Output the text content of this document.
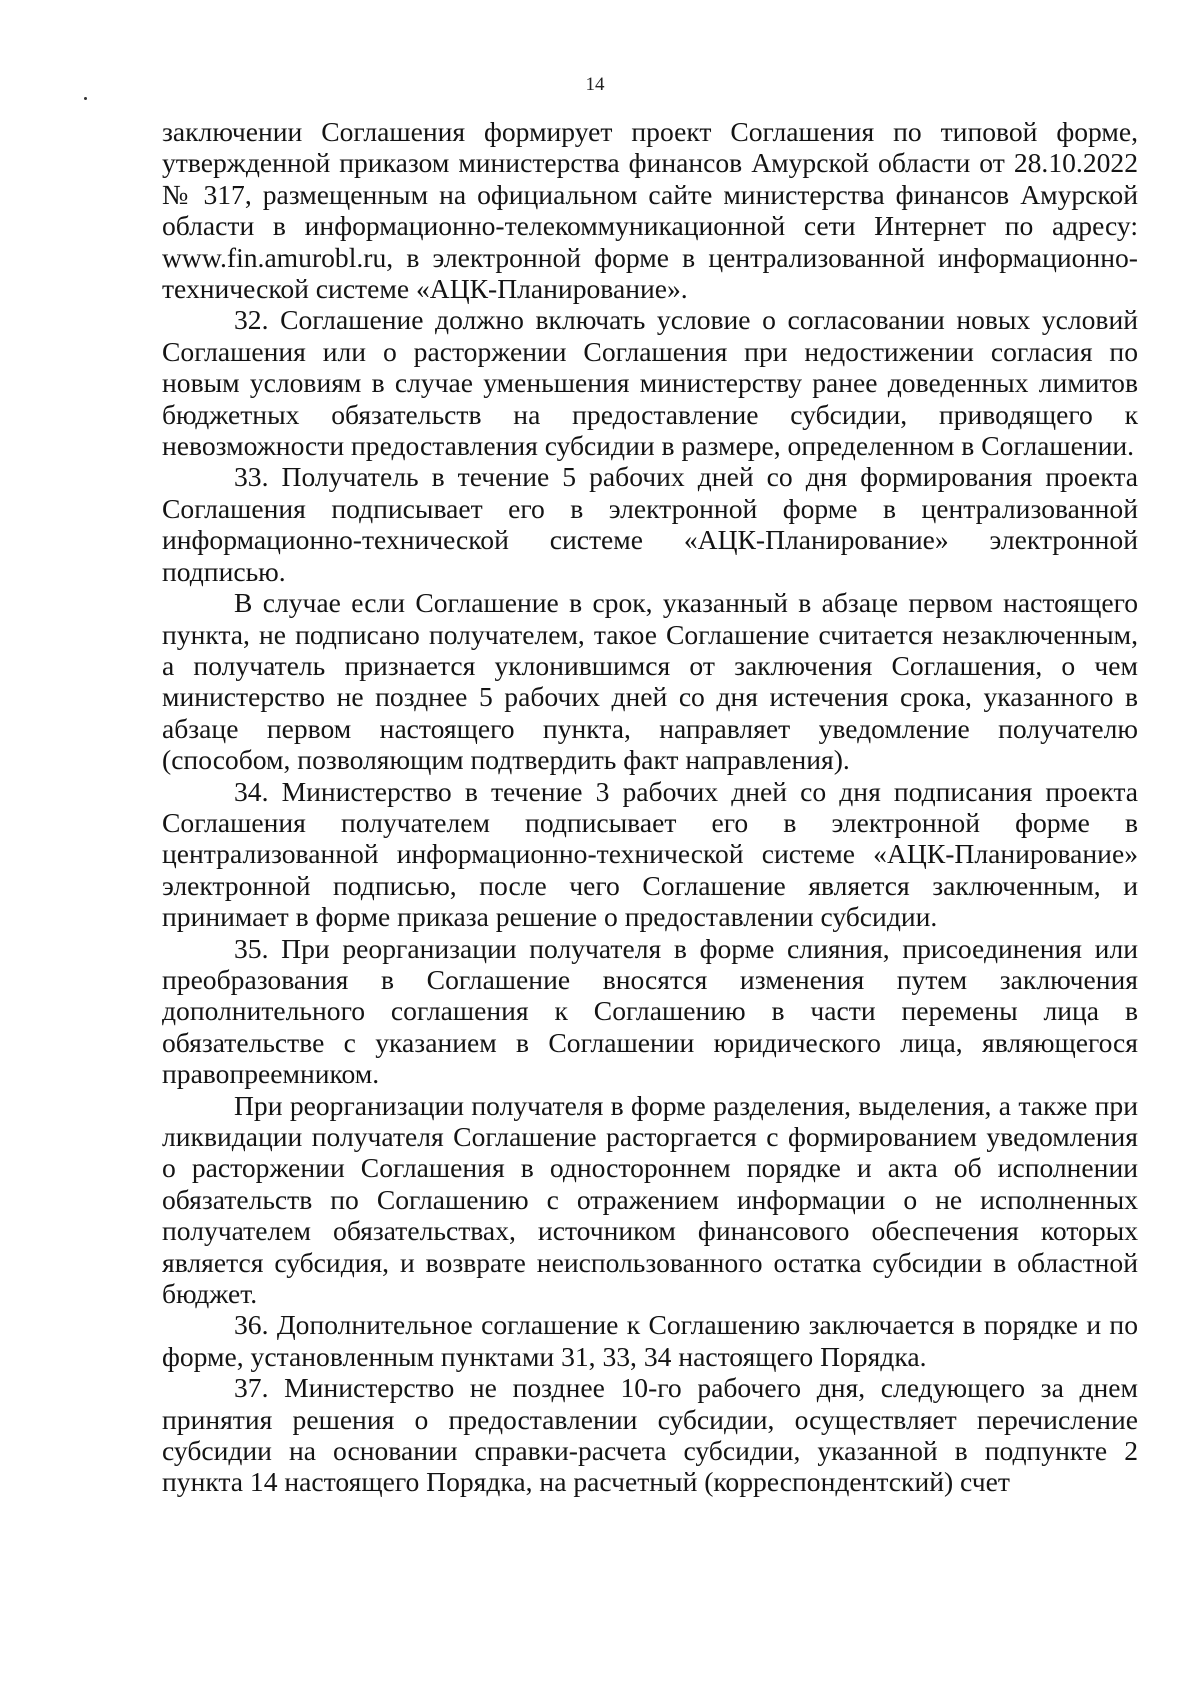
14

заключении Соглашения формирует проект Соглашения по типовой форме, утвержденной приказом министерства финансов Амурской области от 28.10.2022 № 317, размещенным на официальном сайте министерства финансов Амурской области в информационно-телекоммуникационной сети Интернет по адресу: www.fin.amurobl.ru, в электронной форме в централизованной информационно-технической системе «АЦК-Планирование».

32. Соглашение должно включать условие о согласовании новых условий Соглашения или о расторжении Соглашения при недостижении согласия по новым условиям в случае уменьшения министерству ранее доведенных лимитов бюджетных обязательств на предоставление субсидии, приводящего к невозможности предоставления субсидии в размере, определенном в Соглашении.

33. Получатель в течение 5 рабочих дней со дня формирования проекта Соглашения подписывает его в электронной форме в централизованной информационно-технической системе «АЦК-Планирование» электронной подписью.

В случае если Соглашение в срок, указанный в абзаце первом настоящего пункта, не подписано получателем, такое Соглашение считается незаключенным, а получатель признается уклонившимся от заключения Соглашения, о чем министерство не позднее 5 рабочих дней со дня истечения срока, указанного в абзаце первом настоящего пункта, направляет уведомление получателю (способом, позволяющим подтвердить факт направления).

34. Министерство в течение 3 рабочих дней со дня подписания проекта Соглашения получателем подписывает его в электронной форме в централизованной информационно-технической системе «АЦК-Планирование» электронной подписью, после чего Соглашение является заключенным, и принимает в форме приказа решение о предоставлении субсидии.

35. При реорганизации получателя в форме слияния, присоединения или преобразования в Соглашение вносятся изменения путем заключения дополнительного соглашения к Соглашению в части перемены лица в обязательстве с указанием в Соглашении юридического лица, являющегося правопреемником.

При реорганизации получателя в форме разделения, выделения, а также при ликвидации получателя Соглашение расторгается с формированием уведомления о расторжении Соглашения в одностороннем порядке и акта об исполнении обязательств по Соглашению с отражением информации о не исполненных получателем обязательствах, источником финансового обеспечения которых является субсидия, и возврате неиспользованного остатка субсидии в областной бюджет.

36. Дополнительное соглашение к Соглашению заключается в порядке и по форме, установленным пунктами 31, 33, 34 настоящего Порядка.

37. Министерство не позднее 10-го рабочего дня, следующего за днем принятия решения о предоставлении субсидии, осуществляет перечисление субсидии на основании справки-расчета субсидии, указанной в подпункте 2 пункта 14 настоящего Порядка, на расчетный (корреспондентский) счет
